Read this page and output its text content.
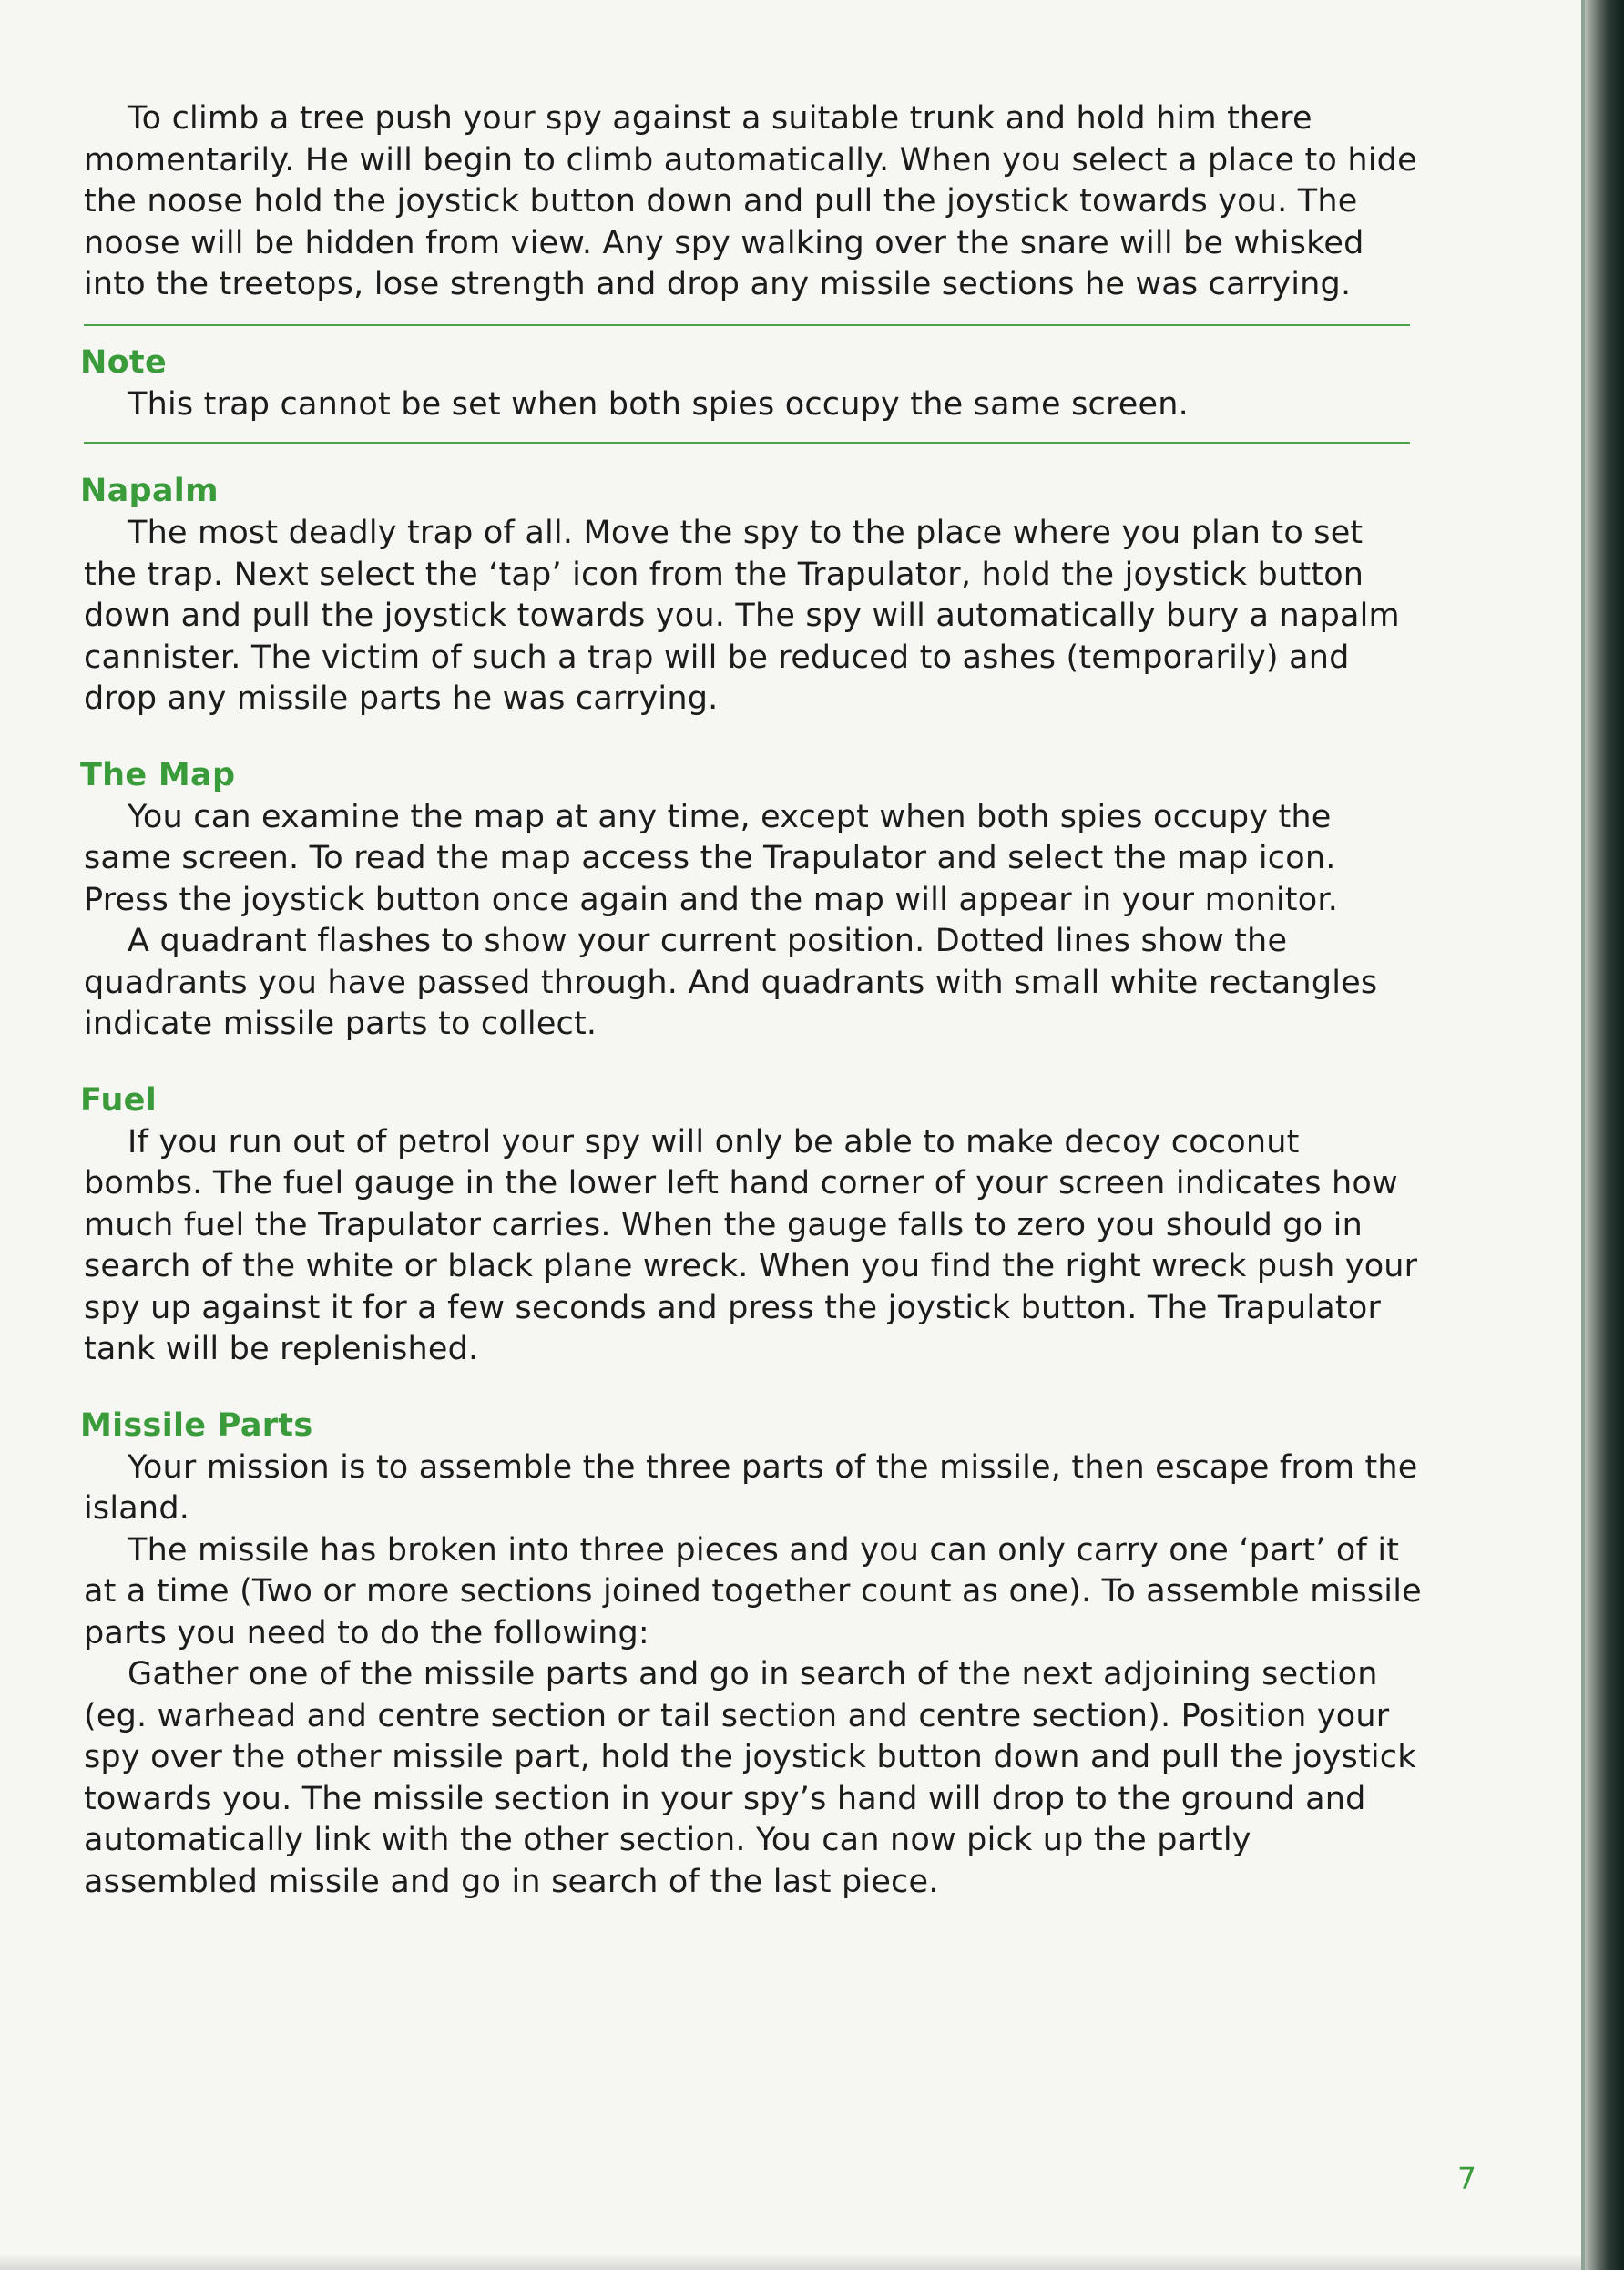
To climb a tree push your spy against a suitable trunk and hold him there momentarily. He will begin to climb automatically. When you select a place to hide the noose hold the joystick button down and pull the joystick towards you. The noose will be hidden from view. Any spy walking over the snare will be whisked into the treetops, lose strength and drop any missile sections he was carrying.

Note

This trap cannot be set when both spies occupy the same screen.

Napalm

The most deadly trap of all. Move the spy to the place where you plan to set the trap. Next select the ‘tap’ icon from the Trapulator, hold the joystick button down and pull the joystick towards you. The spy will automatically bury a napalm cannister. The victim of such a trap will be reduced to ashes (temporarily) and drop any missile parts he was carrying.

The Map

You can examine the map at any time, except when both spies occupy the same screen. To read the map access the Trapulator and select the map icon. Press the joystick button once again and the map will appear in your monitor.

A quadrant flashes to show your current position. Dotted lines show the quadrants you have passed through. And quadrants with small white rectangles indicate missile parts to collect.

Fuel

If you run out of petrol your spy will only be able to make decoy coconut bombs. The fuel gauge in the lower left hand corner of your screen indicates how much fuel the Trapulator carries. When the gauge falls to zero you should go in search of the white or black plane wreck. When you find the right wreck push your spy up against it for a few seconds and press the joystick button. The Trapulator tank will be replenished.

Missile Parts

Your mission is to assemble the three parts of the missile, then escape from the island.

The missile has broken into three pieces and you can only carry one ‘part’ of it at a time (Two or more sections joined together count as one). To assemble missile parts you need to do the following:

Gather one of the missile parts and go in search of the next adjoining section (eg. warhead and centre section or tail section and centre section). Position your spy over the other missile part, hold the joystick button down and pull the joystick towards you. The missile section in your spy’s hand will drop to the ground and automatically link with the other section. You can now pick up the partly assembled missile and go in search of the last piece.

7
